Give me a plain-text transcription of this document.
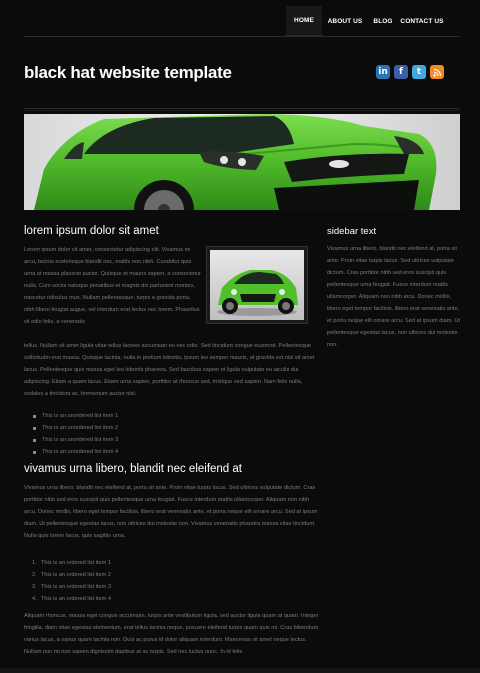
HOME	ABOUT US	BLOG	CONTACT US
black hat website template	in	f	t
lorem ipsum dolor sit amet

Lorem ipsum dolor sit amet, consectetur adipiscing elit. Vivamus mi arcu, lacinia scelerisque blandit nec, mattis non nibh. Curabitur quis urna at massa placerat auctor. Quisque et mauris sapien, a consectetur nulla. Cum sociis natoque penatibus et magnis dis parturient montes, nascetur ridiculus mus. Nullam pellentesque, turpis a gravida porta, nibh libero feugiat augue, vel interdum erat lectus nec lorem. Phasellus sit odio felis, a venenatis

tellus. Nullam sit amet ligula vitae tellus laoreet accumsan eu nec odio. Sed tincidunt congue euismod. Pellentesque sollicitudin erat massa. Quisque lacinia, nulla in pretium lobortis, ipsum leo semper mauris, at gravida est nisl sit amet lacus. Pellentesque quis massa eget leo lobortis pharetra. Sed faucibus sapien et ligula vulputate eu iaculis dui adipiscing. Etiam a quam lacus. Etiam urna sapien, porttitor at rhoncus sed, tristique sed sapien. Nam felis nulla, sodales a tincidunt ac, fermentum auctor nisl.

This is an unordered list item 1
This is an unordered list item 2
This is an unordered list item 3
This is an unordered list item 4
vivamus urna libero, blandit nec eleifend at

Vivamus urna libero, blandit nec eleifend at, porta sit ante. Proin vitae turpis lacus. Sed ultrices vulputate dictum. Cras porttitor nibh sed eros suscipit quis pellentesque urna feugiat. Fusce interdum mattis ullamcorper. Aliquam non nibh arcu. Donec mollis, libero eget tempor facilisis, libero erat venenatis ante, et porta neque elit ornare arcu. Sed at ipsum diam. Ut pellentesque egestas lacus, non ultrices dui molestie non. Vivamus venenatis pharetra massa vitae tincidunt. Nulla quis lorem lacus, quis sagittis urna.

1. This is an ordered list item 1
2. This is an ordered list item 2
3. This is an ordered list item 3
4. This is an ordered list item 4

Aliquam rhoncus, massa eget congue accumsan, turpis ante vestibulum ligula, sed auctor ligula quam at quam. Integer fringilla, diam vitae egestas elementum, erat tellus lacinia neque, posuere eleifend turpis quam quis mi. Cras bibendum varius lacus, a varius quam lacinia non. Duis ac purus id dolor aliquam interdum. Maecenas sit amet neque lectus. Nullam non mi non sapien dignissim dapibus at ac turpis. Sed nec luctus nunc. In id felis

sidebar text

Vivamus urna libero, blandit nec eleifend at, porta sit ante. Proin vitae turpis lacus. Sed ultrices vulputate dictum. Cras porttitor nibh sed eros suscipit quis pellentesque urna feugiat. Fusce interdum mattis ullamcorper. Aliquam non nibh arcu. Donec mollis, libero eget tempor facilisis, libero erat venenatis ante, et porta neque elit ornare arcu. Sed at ipsum diam. Ut pellentesque egestas lacus, non ultrices dui molestie non.
